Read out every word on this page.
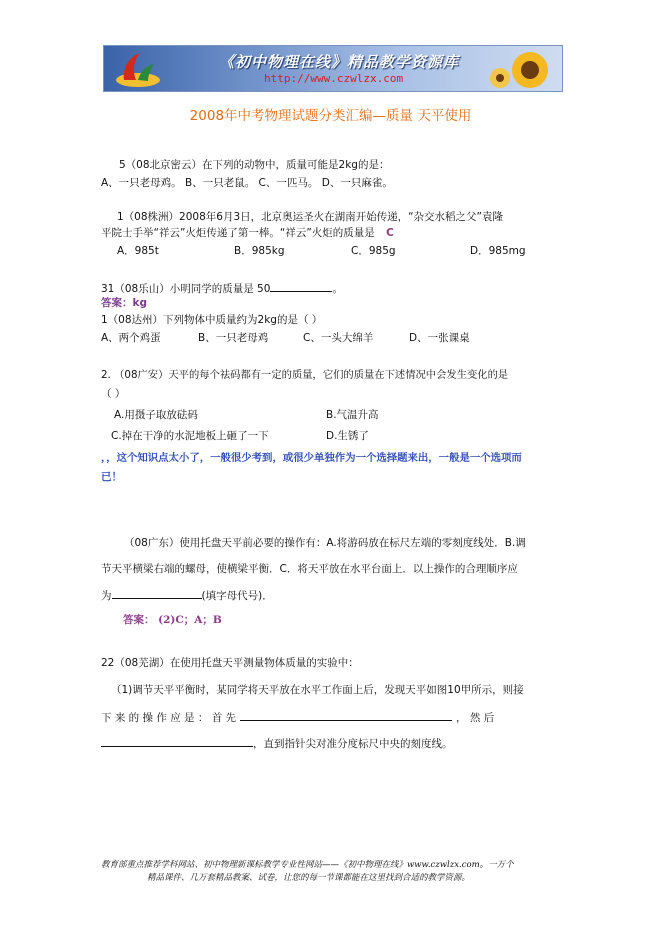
《初中物理在线》精品教学资源库
http://www.czwlzx.com
2008年中考物理试题分类汇编—质量 天平使用
5（08北京密云）在下列的动物中，质量可能是2kg的是：
A、一只老母鸡。 B、一只老鼠。 C、一匹马。 D、一只麻雀。
1（08株洲）2008年6月3日，北京奥运圣火在湖南开始传递，“杂交水稻之父”袁隆
平院士手举“祥云”火炬传递了第一棒。“祥云”火炬的质量是 C
A．985t	B．985kg	C．985g	D．985mg
31（08乐山）小明同学的质量是 50	。
答案：kg
1（08达州）下列物体中质量约为2kg的是（ ）
A、两个鸡蛋	B、一只老母鸡	C、一头大绵羊	D、一张课桌
2. （08广安）天平的每个祛码都有一定的质量，它们的质量在下述情况中会发生变化的是
（ ）
A.用摄子取放砝码	B.气温升高
C.掉在干净的水泥地板上砸了一下	D.生锈了
，，这个知识点太小了，一般很少考到，或很少单独作为一个选择题来出，一般是一个选项而
已！
（08广东）使用托盘天平前必要的操作有：A.将游码放在标尺左端的零刻度线处．B.调
节天平横梁右端的螺母，使横梁平衡．C．将天平放在水平台面上．以上操作的合理顺序应
为	(填字母代号)．
答案： (2)C；A；B
22（08芜湖）在使用托盘天平测量物体质量的实验中：
（1)调节天平平衡时，某同学将天平放在水平工作面上后，发现天平如图10甲所示，则接
下 来 的 操 作 应 是 ： 首 先	， 然 后
，直到指针尖对准分度标尺中央的刻度线。
教育部重点推荐学科网站、初中物理新课标教学专业性网站——《初中物理在线》www.czwlzx.com。一万个
精品课件、几万套精品教案、试卷，让您的每一节课都能在这里找到合适的教学资源。
